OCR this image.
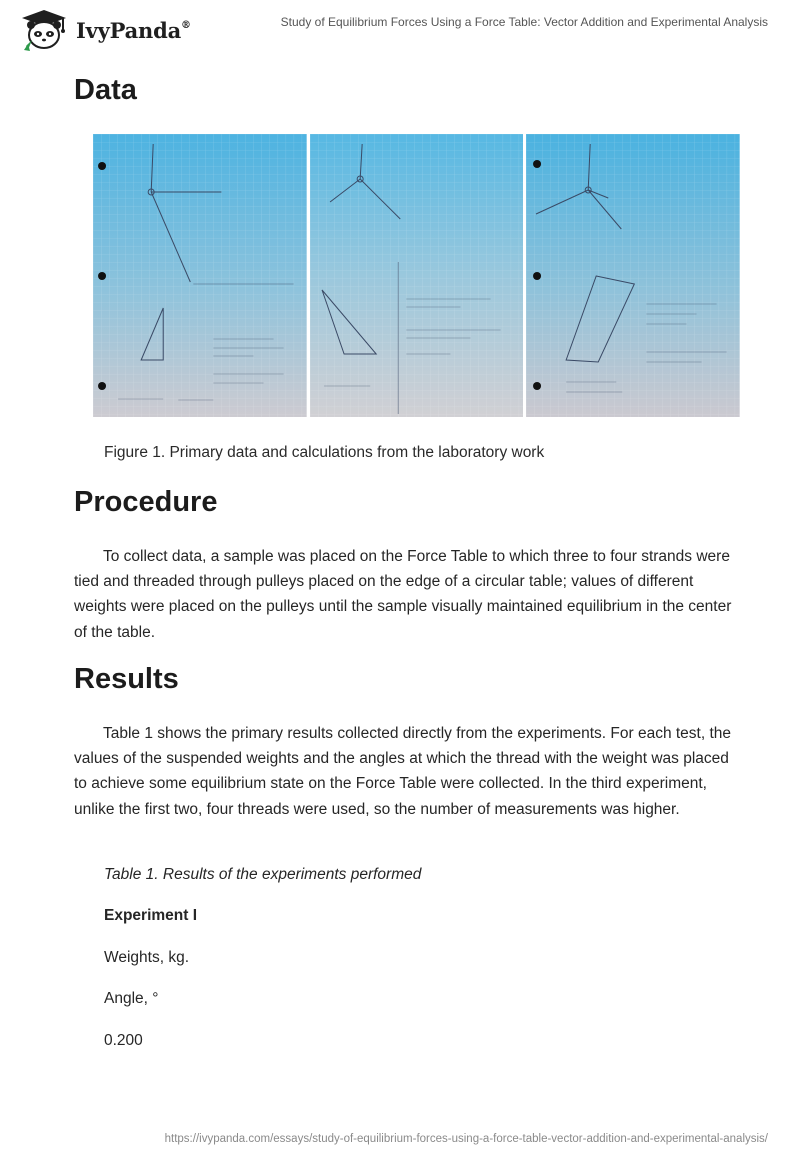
IvyPanda®	Study of Equilibrium Forces Using a Force Table: Vector Addition and Experimental Analysis
Data
Figure 1. Primary data and calculations from the laboratory work
Procedure

To collect data, a sample was placed on the Force Table to which three to four strands were tied and threaded through pulleys placed on the edge of a circular table; values of different weights were placed on the pulleys until the sample visually maintained equilibrium in the center of the table.

Results

Table 1 shows the primary results collected directly from the experiments. For each test, the values of the suspended weights and the angles at which the thread with the weight was placed to achieve some equilibrium state on the Force Table were collected. In the third experiment, unlike the first two, four threads were used, so the number of measurements was higher.

Table 1. Results of the experiments performed
Experiment I
Weights, kg.
Angle, °
0.200
https://ivypanda.com/essays/study-of-equilibrium-forces-using-a-force-table-vector-addition-and-experimental-analysis/
